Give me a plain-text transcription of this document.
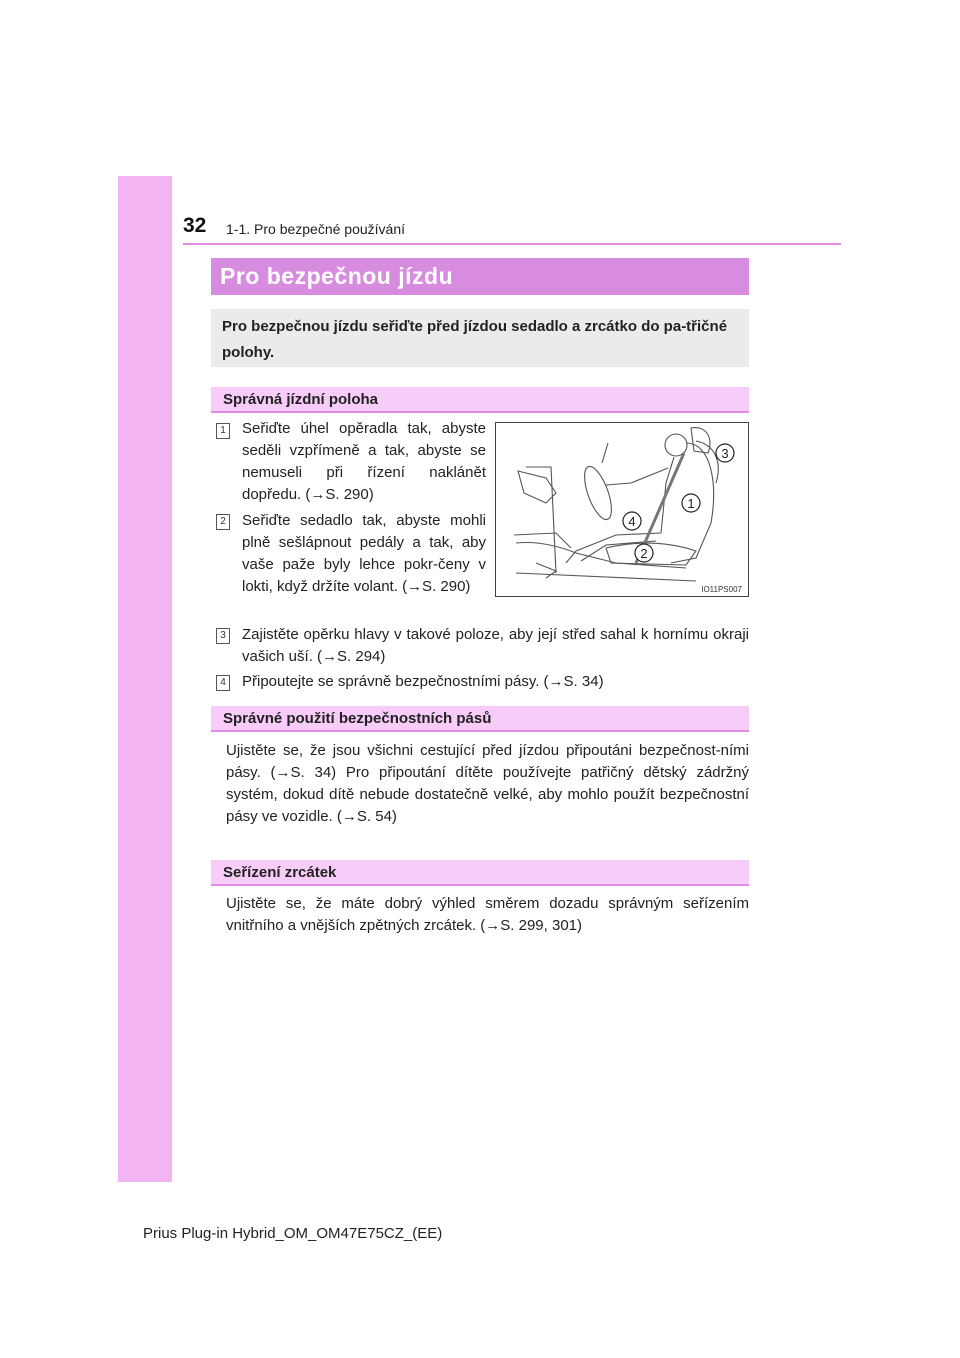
32 1-1. Pro bezpečné používání
Pro bezpečnou jízdu
Pro bezpečnou jízdu seřiďte před jízdou sedadlo a zrcátko do pa-třičné polohy.
Správná jízdní poloha
1 Seřiďte úhel opěradla tak, abyste seděli vzpřímeně a tak, abyste se nemuseli při řízení naklánět dopředu. (→S. 290)

2 Seřiďte sedadlo tak, abyste mohli plně sešlápnout pedály a tak, aby vaše paže byly lehce pokr-čeny v lokti, když držíte volant. (→S. 290)

3
1
4
2
IO11PS007
3 Zajistěte opěrku hlavy v takové poloze, aby její střed sahal k hornímu okraji vašich uší. (→S. 294)

4 Připoutejte se správně bezpečnostními pásy. (→S. 34)

Správné použití bezpečnostních pásů

Ujistěte se, že jsou všichni cestující před jízdou připoutáni bezpečnost-ními pásy. (→S. 34) Pro připoutání dítěte používejte patřičný dětský zádržný systém, dokud dítě nebude dostatečně velké, aby mohlo použít bezpečnostní pásy ve vozidle. (→S. 54)

Seřízení zrcátek

Ujistěte se, že máte dobrý výhled směrem dozadu správným seřízením vnitřního a vnějších zpětných zrcátek. (→S. 299, 301)

Prius Plug-in Hybrid_OM_OM47E75CZ_(EE)
